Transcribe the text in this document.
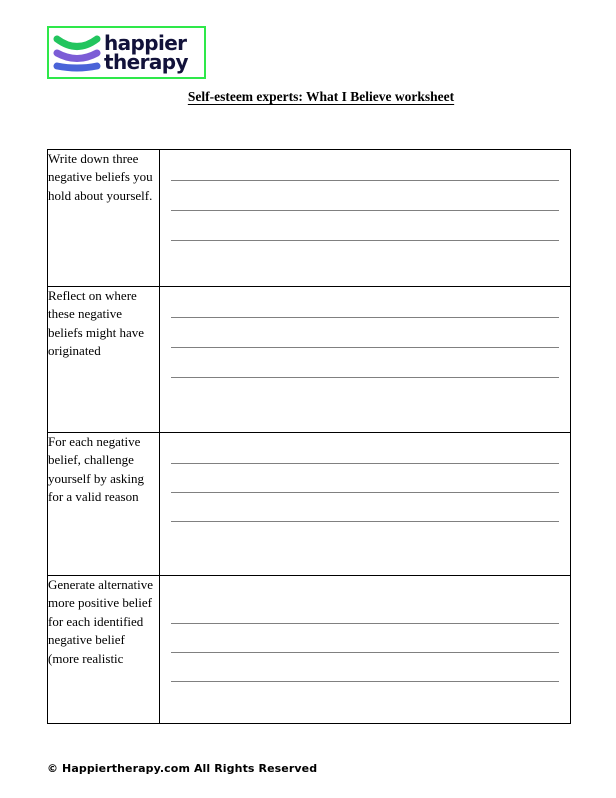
happier
therapy
Self-esteem experts: What I Believe worksheet
Write down three negative beliefs you hold about yourself.	

Reflect on where these negative beliefs might have originated	

For each negative belief, challenge yourself by asking for a valid reason	

Generate alternative more positive belief for each identified negative belief (more realistic	
© Happiertherapy.com All Rights Reserved
